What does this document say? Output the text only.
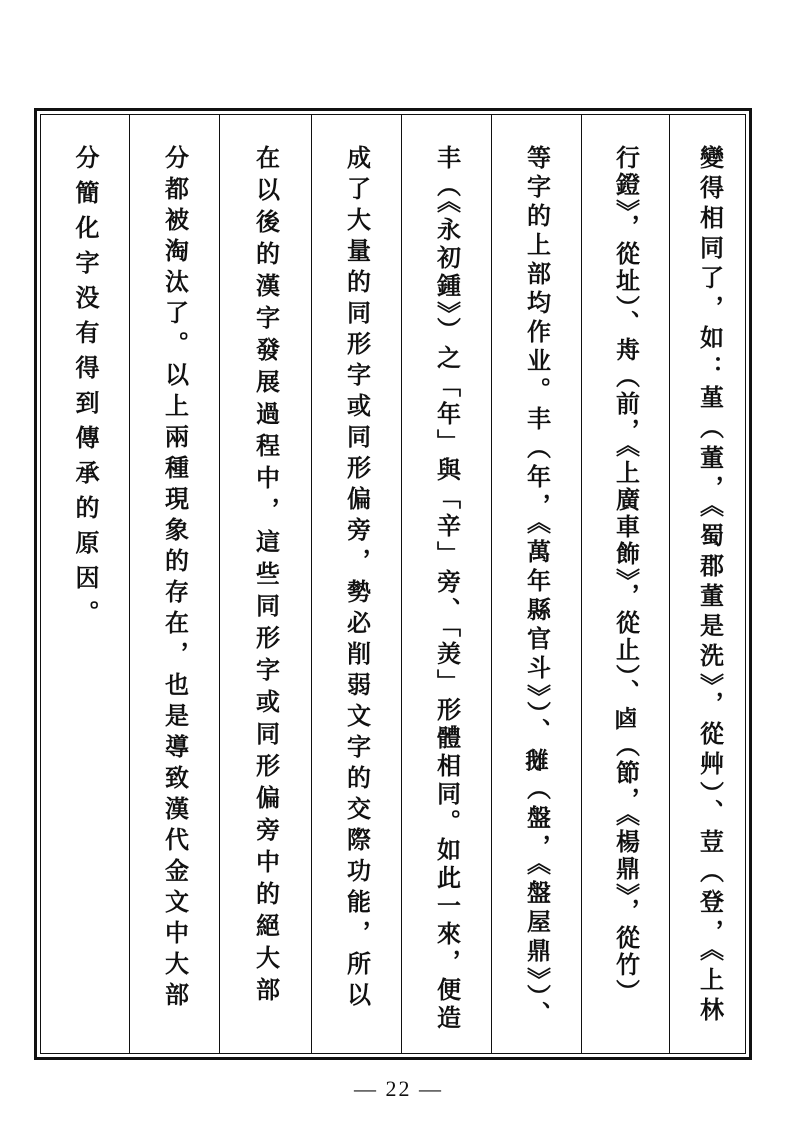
分簡化字没有得到傳承的原因。	分都被淘汰了。以上兩種現象的存在，也是導致漢代金文中大部	在以後的漢字發展過程中，這些同形字或同形偏旁中的絕大部	成了大量的同形字或同形偏旁，勢必削弱文字的交際功能，所以	丰（《永初鍾》）之「年」與「辛」旁、「羙」形體相同。如此一來，便造	等字的上部均作业。丰（年，《萬年縣官斗》）、𨿍（盤，《盤屋鼎》）、	行鐙》，從址）、歬（前，《上廣車飾》，從止）、𠧟（節，《楊鼎》，從竹） 變得相同了，如：堇（董，《蜀郡董是洗》，從艸）、荳（登，《上林
— 22 —
